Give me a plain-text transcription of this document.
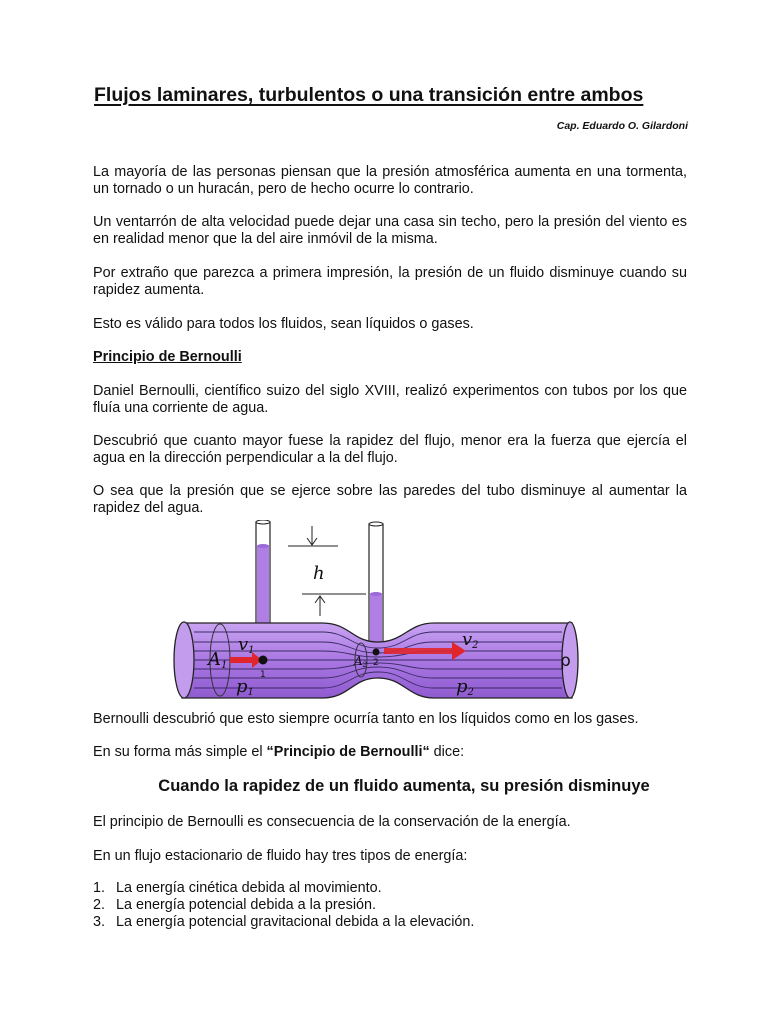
Flujos laminares, turbulentos o una transición entre ambos

Cap. Eduardo O. Gilardoni

La mayoría de las personas piensan que la presión atmosférica aumenta en una tormenta, un tornado o un huracán, pero de hecho ocurre lo contrario.

Un ventarrón de alta velocidad puede dejar una casa sin techo, pero la presión del viento es en realidad menor que la del aire inmóvil de la misma.

Por extraño que parezca a primera impresión, la presión de un fluido disminuye cuando su rapidez aumenta.

Esto es válido para todos los fluidos, sean líquidos o gases.

Principio de Bernoulli

Daniel Bernoulli, científico suizo del siglo XVIII, realizó experimentos con tubos por los que fluía una corriente de agua.

Descubrió que cuanto mayor fuese la rapidez del flujo, menor era la fuerza que ejercía el agua en la dirección perpendicular a la del flujo.

O sea que la presión que se ejerce sobre las paredes del tubo disminuye al aumentar la rapidez del agua.

h
1
2
v1
v2
A1	A2
p1	p2
ρ

Bernoulli descubrió que esto siempre ocurría tanto en los líquidos como en los gases.

En su forma más simple el “Principio de Bernoulli“ dice:

Cuando la rapidez de un fluido aumenta, su presión disminuye

El principio de Bernoulli es consecuencia de la conservación de la energía.

En un flujo estacionario de fluido hay tres tipos de energía:

1. La energía cinética debida al movimiento.
2. La energía potencial debida a la presión.
3. La energía potencial gravitacional debida a la elevación.
